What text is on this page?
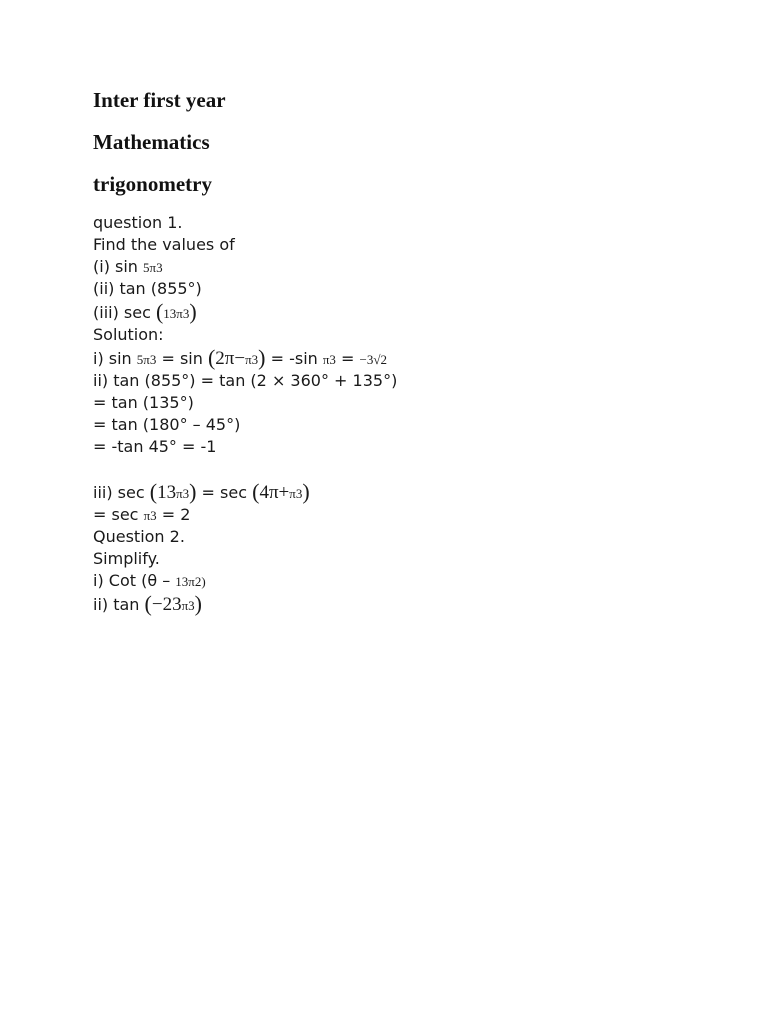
Inter first year
Mathematics
trigonometry
question 1.
Find the values of
(i) sin 5π3
(ii) tan (855°)
(iii) sec (13π3)
Solution:
i) sin 5π3 = sin (2π−π3) = -sin π3 = −3√2
ii) tan (855°) = tan (2 × 360° + 135°)
= tan (135°)
= tan (180° – 45°)
= -tan 45° = -1
iii) sec (13π3) = sec (4π+π3)
= sec π3 = 2
Question 2.
Simplify.
i) Cot (θ – 13π2)
ii) tan (−23π3)
